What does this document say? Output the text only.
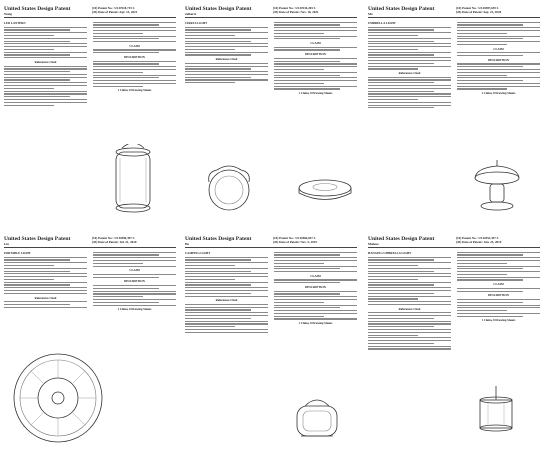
United States Design Patent
Wang
(10) Patent No.: US D918,715 S
(45) Date of Patent: Apr. 13, 2021
LED LANTERN
References Cited
CLAIM
DESCRIPTION
1 Claim, 8 Drawing Sheets
United States Design Patent
Jalbertz
(10) Patent No.: US D934,265 S
(45) Date of Patent: Nov. 16, 2021
CIRRUS LIGHT
References Cited
CLAIM
DESCRIPTION
1 Claim, 8 Drawing Sheets
United States Design Patent
Ma
(10) Patent No.: US D887,639 S
(45) Date of Patent: Sep. 22, 2020
UMBRELLA LIGHT
References Cited
CLAIM
DESCRIPTION
1 Claim, 8 Drawing Sheets
United States Design Patent
Liu
(10) Patent No.: US D890,397 S
(45) Date of Patent: Jul. 21, 2020
PORTABLE LIGHT
References Cited
CLAIM
DESCRIPTION
1 Claim, 8 Drawing Sheets
United States Design Patent
He
(10) Patent No.: US D866,037 S
(45) Date of Patent: Nov. 5, 2019
CAMPING LIGHT
References Cited
CLAIM
DESCRIPTION
1 Claim, 8 Drawing Sheets
United States Design Patent
Maltese
(10) Patent No.: US D852,357 S
(45) Date of Patent: Jun. 25, 2019
HANGING UMBRELLA LIGHT
References Cited
CLAIM
DESCRIPTION
1 Claim, 8 Drawing Sheets
